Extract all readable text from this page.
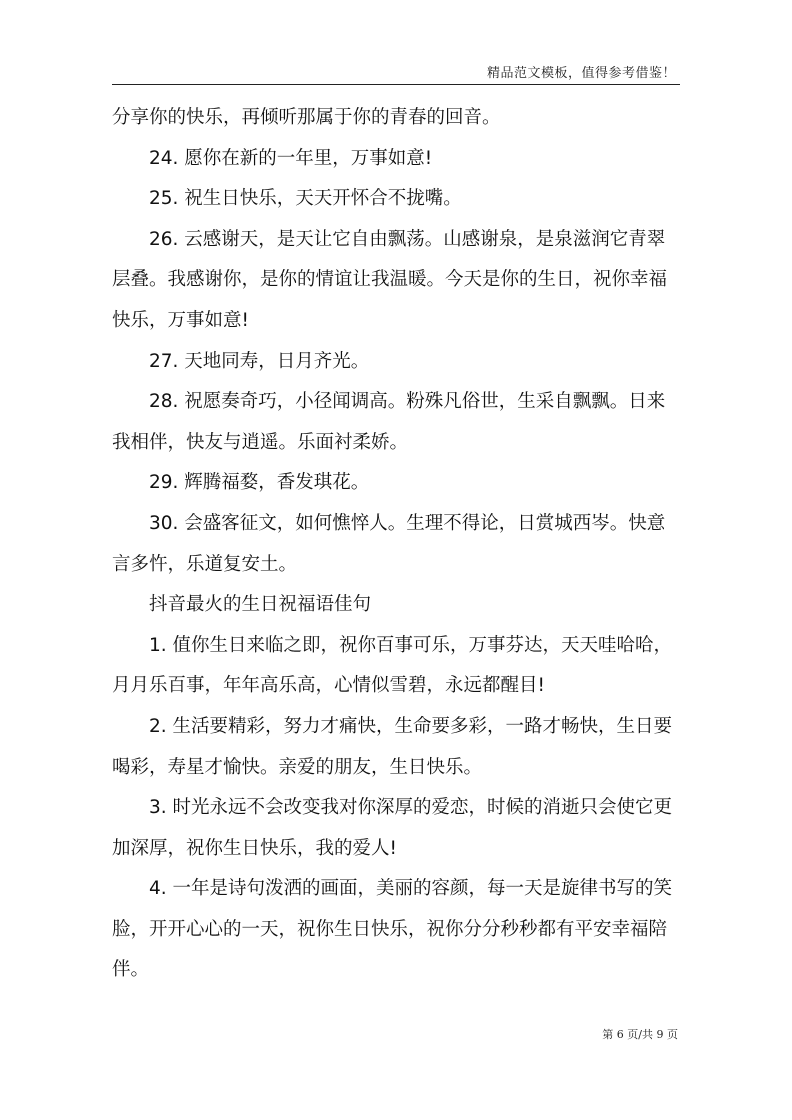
精品范文模板，值得参考借鉴！

分享你的快乐，再倾听那属于你的青春的回音。

24. 愿你在新的一年里，万事如意!

25. 祝生日快乐，天天开怀合不拢嘴。

26. 云感谢天，是天让它自由飘荡。山感谢泉，是泉滋润它青翠层叠。我感谢你，是你的情谊让我温暖。今天是你的生日，祝你幸福快乐，万事如意!

27. 天地同寿，日月齐光。

28. 祝愿奏奇巧，小径闻调高。粉殊凡俗世，生采自飘飘。日来我相伴，快友与逍遥。乐面衬柔娇。

29. 辉腾福婺，香发琪花。

30. 会盛客征文，如何憔悴人。生理不得论，日赏城西岑。快意言多忤，乐道复安土。

抖音最火的生日祝福语佳句

1. 值你生日来临之即，祝你百事可乐，万事芬达，天天哇哈哈，月月乐百事，年年高乐高，心情似雪碧，永远都醒目!

2. 生活要精彩，努力才痛快，生命要多彩，一路才畅快，生日要喝彩，寿星才愉快。亲爱的朋友，生日快乐。

3. 时光永远不会改变我对你深厚的爱恋，时候的消逝只会使它更加深厚，祝你生日快乐，我的爱人!

4. 一年是诗句泼洒的画面，美丽的容颜，每一天是旋律书写的笑脸，开开心心的一天，祝你生日快乐，祝你分分秒秒都有平安幸福陪伴。

第 6 页/共 9 页
